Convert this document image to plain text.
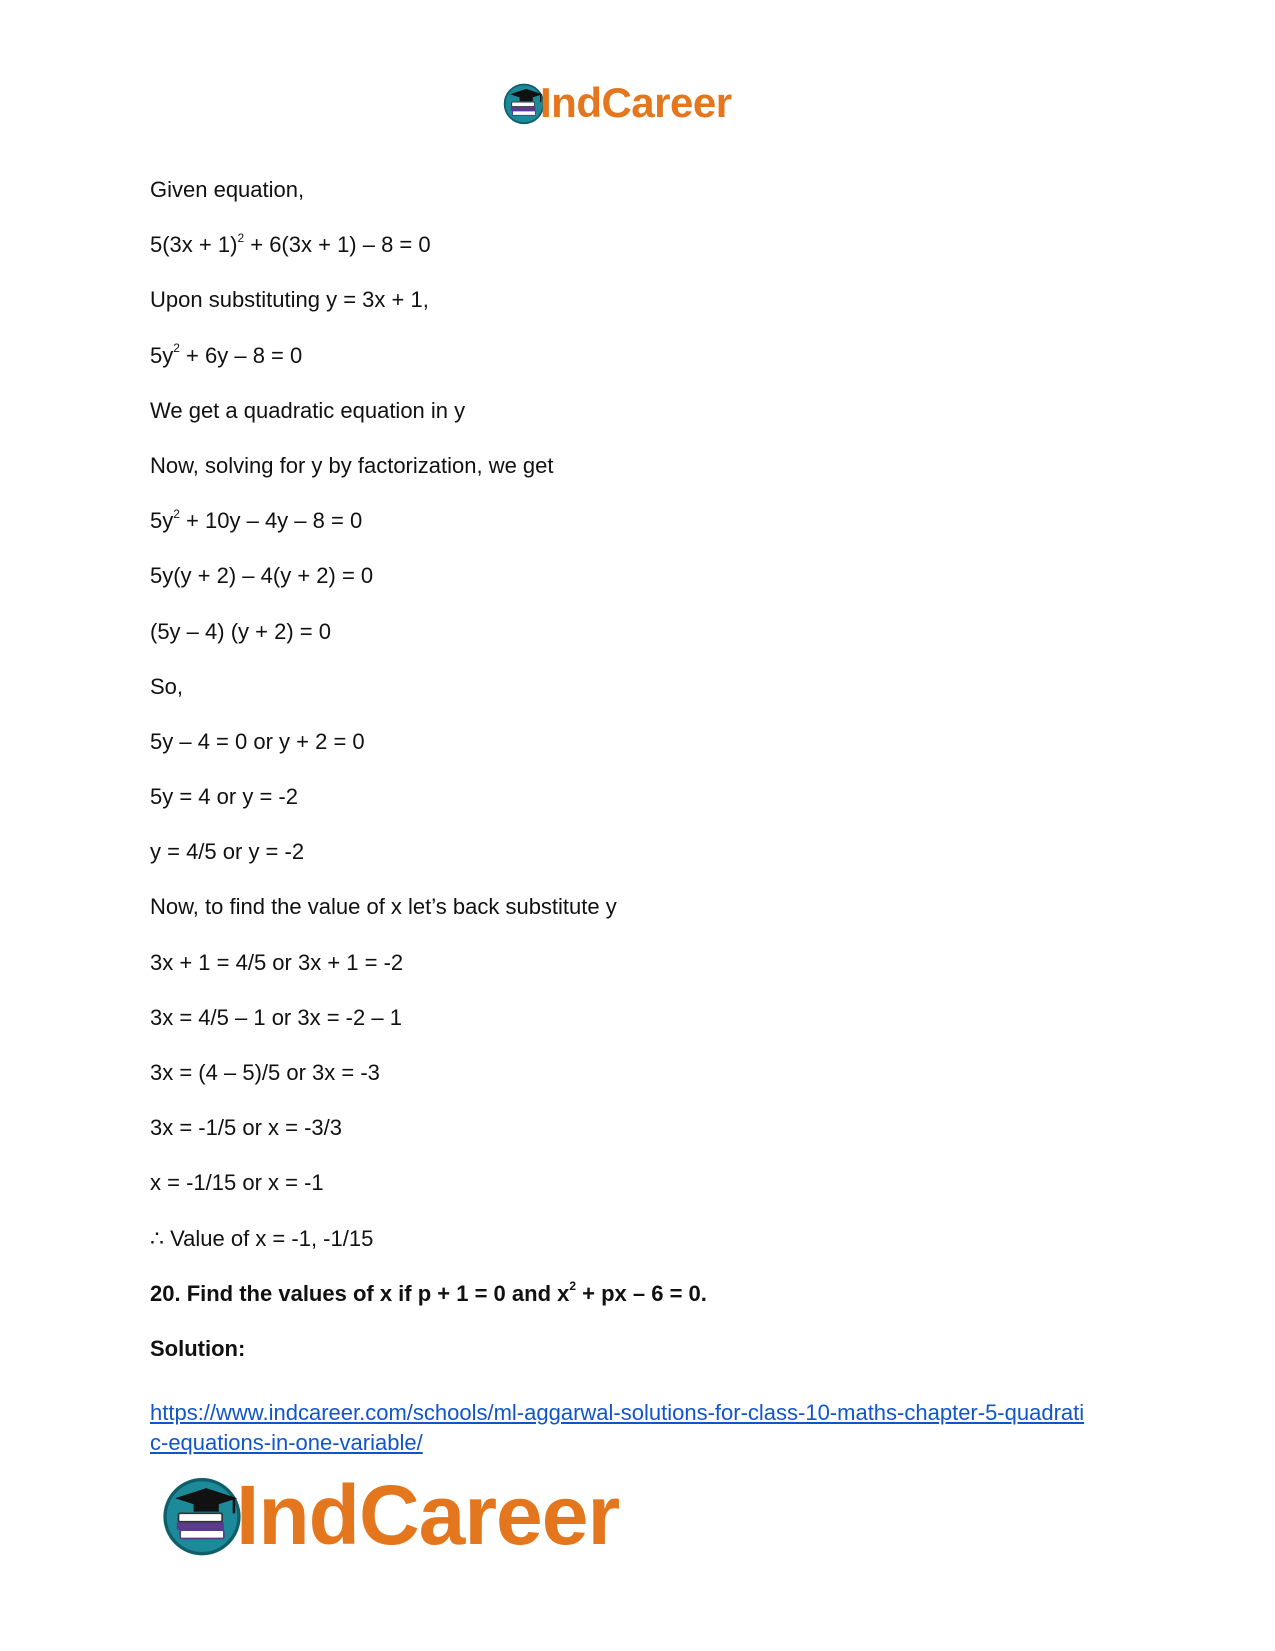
IndCareer
Given equation,
$5(3x + 1)^2 + 6(3x + 1) - 8 = 0$
Upon substituting y = 3x + 1,
$5y^2 + 6y - 8 = 0$
We get a quadratic equation in y
Now, solving for y by factorization, we get
$5y^2 + 10y - 4y - 8 = 0$
5y(y + 2) – 4(y + 2) = 0
(5y – 4) (y + 2) = 0
So,
5y – 4 = 0 or y + 2 = 0
5y = 4 or y = -2
y = 4/5 or y = -2
Now, to find the value of x let’s back substitute y
3x + 1 = 4/5 or 3x + 1 = -2
3x = 4/5 – 1 or 3x = -2 – 1
3x = (4 – 5)/5 or 3x = -3
3x = -1/5 or x = -3/3
x = -1/15 or x = -1
∴ Value of x = -1, -1/15
20. Find the values of x if p + 1 = 0 and $x^2$ + px – 6 = 0.
Solution:
https://www.indcareer.com/schools/ml-aggarwal-solutions-for-class-10-maths-chapter-5-quadrati
c-equations-in-one-variable/
IndCareer
